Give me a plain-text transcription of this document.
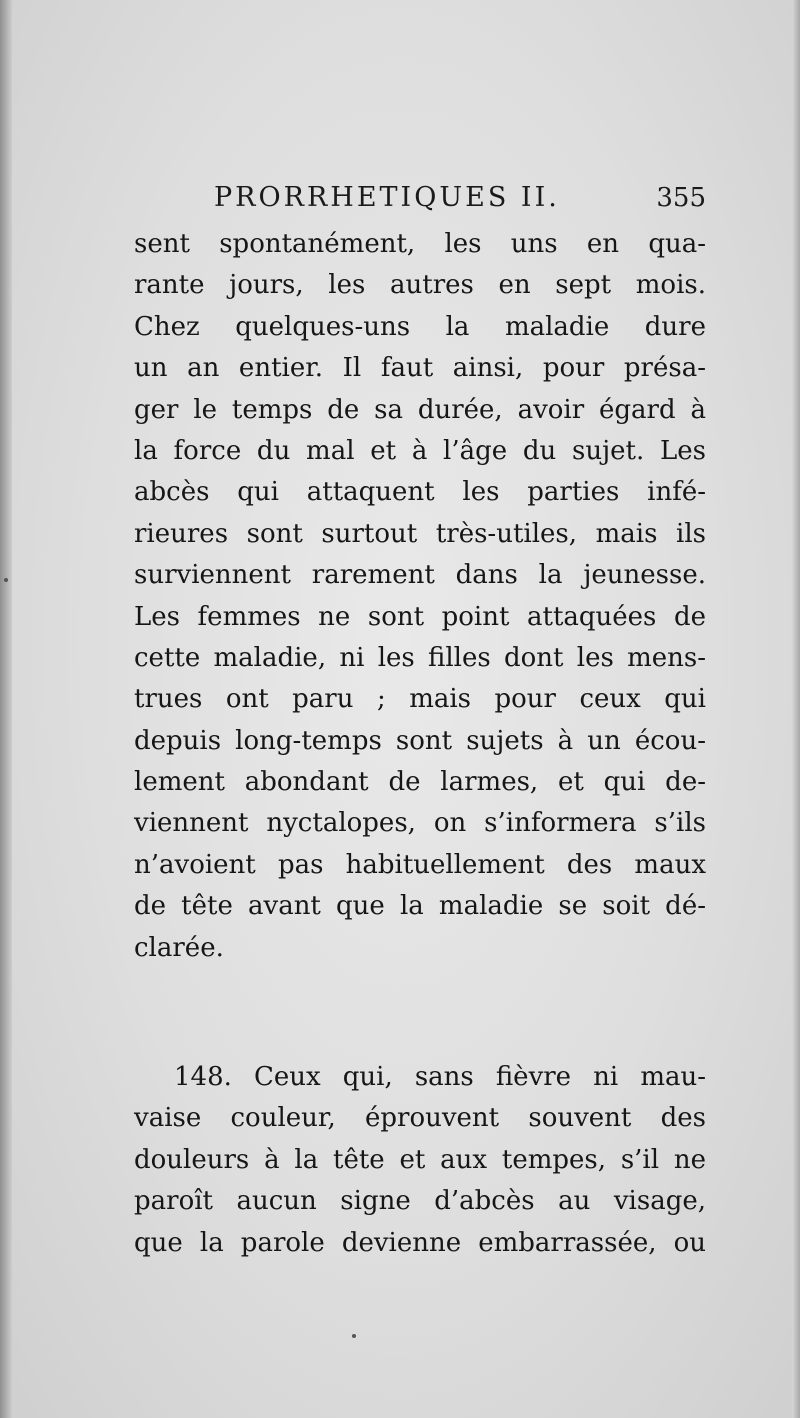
PRORRHETIQUES II.	355
sent spontanément, les uns en qua-
rante jours, les autres en sept mois.
Chez quelques-uns la maladie dure
un an entier. Il faut ainsi, pour présa-
ger le temps de sa durée, avoir égard à
la force du mal et à l’âge du sujet. Les
abcès qui attaquent les parties infé-
rieures sont surtout très-utiles, mais ils
surviennent rarement dans la jeunesse.
Les femmes ne sont point attaquées de
cette maladie, ni les filles dont les mens-
trues ont paru ; mais pour ceux qui
depuis long-temps sont sujets à un écou-
lement abondant de larmes, et qui de-
viennent nyctalopes, on s’informera s’ils
n’avoient pas habituellement des maux
de tête avant que la maladie se soit dé-
clarée.
148. Ceux qui, sans fièvre ni mau-
vaise couleur, éprouvent souvent des
douleurs à la tête et aux tempes, s’il ne
paroît aucun signe d’abcès au visage,
que la parole devienne embarrassée, ou
